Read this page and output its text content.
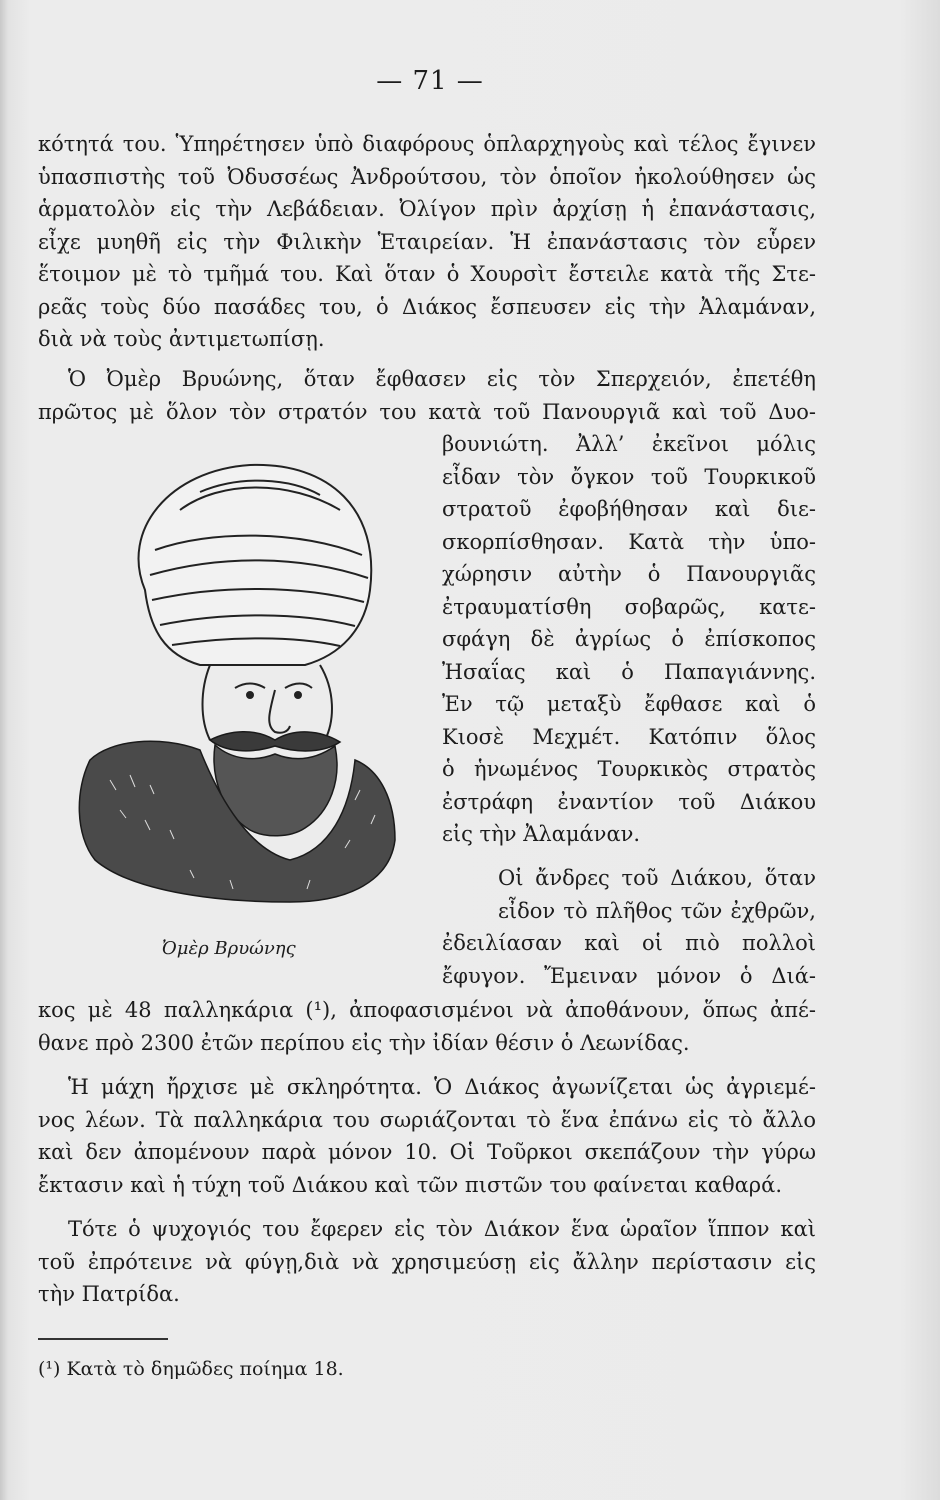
— 71 —
κότητά του. Ὑπηρέτησεν ὑπὸ διαφόρους ὁπλαρχηγοὺς καὶ τέλος ἔγινεν
ὑπασπιστὴς τοῦ Ὀδυσσέως Ἀνδρούτσου, τὸν ὁποῖον ἠκολούθησεν ὡς
ἁρματολὸν εἰς τὴν Λεβάδειαν. Ὀλίγον πρὶν ἀρχίσῃ ἡ ἐπανάστασις,
εἶχε μυηθῆ εἰς τὴν Φιλικὴν Ἑταιρείαν. Ἡ ἐπανάστασις τὸν εὗρεν
ἕτοιμον μὲ τὸ τμῆμά του. Καὶ ὅταν ὁ Χουρσὶτ ἔστειλε κατὰ τῆς Στε-
ρεᾶς τοὺς δύο πασάδες του, ὁ Διάκος ἔσπευσεν εἰς τὴν Ἀλαμάναν,
διὰ νὰ τοὺς ἀντιμετωπίσῃ.
Ὁ Ὀμὲρ Βρυώνης, ὅταν ἔφθασεν εἰς τὸν Σπερχειόν, ἐπετέθη
πρῶτος μὲ ὅλον τὸν στρατόν του κατὰ τοῦ Πανουργιᾶ καὶ τοῦ Δυο-
βουνιώτη. Ἀλλ’ ἐκεῖνοι μόλις
εἶδαν τὸν ὄγκον τοῦ Τουρκικοῦ
στρατοῦ ἐφοβήθησαν καὶ διε-
σκορπίσθησαν. Κατὰ τὴν ὑπο-
χώρησιν αὐτὴν ὁ Πανουργιᾶς
ἐτραυματίσθη σοβαρῶς, κατε-
σφάγη δὲ ἀγρίως ὁ ἐπίσκοπος
Ἠσαΐας καὶ ὁ Παπαγιάννης.
Ἐν τῷ μεταξὺ ἔφθασε καὶ ὁ
Κιοσὲ Μεχμέτ. Κατόπιν ὅλος
ὁ ἡνωμένος Τουρκικὸς στρατὸς
ἐστράφη ἐναντίον τοῦ Διάκου
εἰς τὴν Ἀλαμάναν.
Οἱ ἄνδρες τοῦ Διάκου, ὅταν
εἶδον τὸ πλῆθος τῶν ἐχθρῶν,
ἐδειλίασαν καὶ οἱ πιὸ πολλοὶ
ἔφυγον. Ἔμειναν μόνον ὁ Διά-
κος μὲ 48 παλληκάρια (¹), ἀποφασισμένοι νὰ ἀποθάνουν, ὅπως ἀπέ-
θανε πρὸ 2300 ἐτῶν περίπου εἰς τὴν ἰδίαν θέσιν ὁ Λεωνίδας.
Ἡ μάχη ἤρχισε μὲ σκληρότητα. Ὁ Διάκος ἀγωνίζεται ὡς ἀγριεμέ-
νος λέων. Τὰ παλληκάρια του σωριάζονται τὸ ἕνα ἐπάνω εἰς τὸ ἄλλο
καὶ δεν ἀπομένουν παρὰ μόνον 10. Οἱ Τοῦρκοι σκεπάζουν τὴν γύρω
ἔκτασιν καὶ ἡ τύχη τοῦ Διάκου καὶ τῶν πιστῶν του φαίνεται καθαρά.
Τότε ὁ ψυχογιός του ἔφερεν εἰς τὸν Διάκον ἕνα ὡραῖον ἵππον καὶ
τοῦ ἐπρότεινε νὰ φύγῃ,διὰ νὰ χρησιμεύσῃ εἰς ἄλλην περίστασιν εἰς
τὴν Πατρίδα.
Ὀμὲρ Βρυώνης
(¹) Κατὰ τὸ δημῶδες ποίημα 18.
